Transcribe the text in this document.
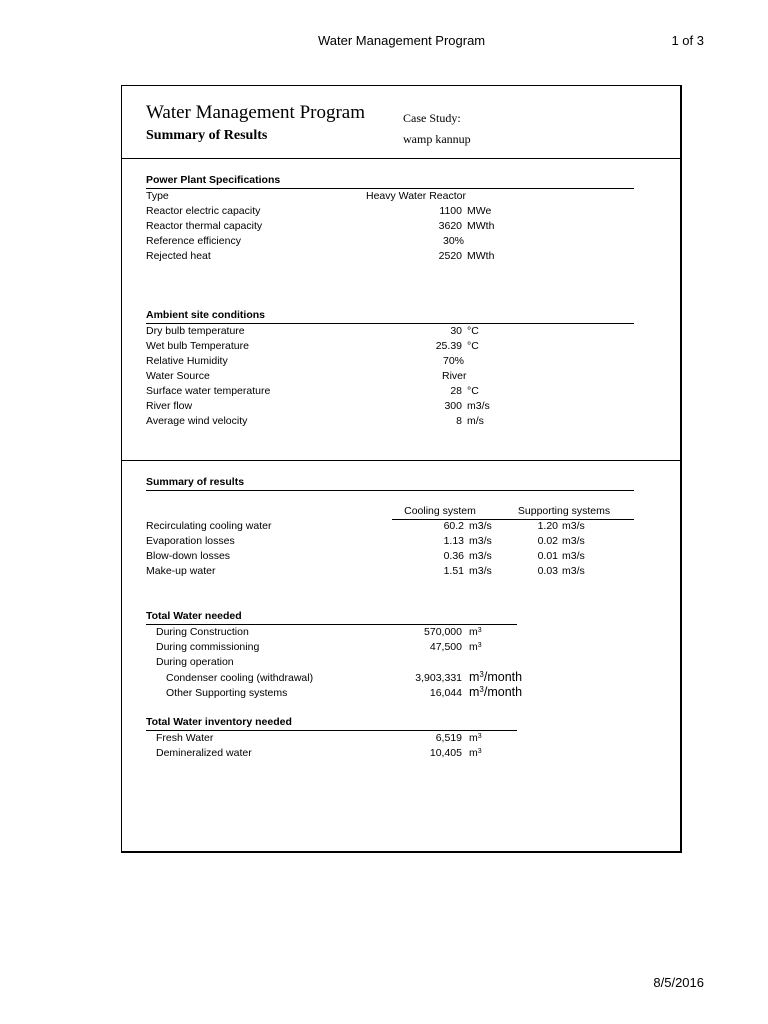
Water Management Program	1 of 3
Water Management Program
Summary of Results
Case Study:
wamp kannup
Power Plant Specifications
Type	Heavy Water Reactor
Reactor electric capacity	1100 MWe
Reactor thermal capacity	3620 MWth
Reference efficiency	30%
Rejected heat	2520 MWth
Ambient site conditions
Dry bulb temperature	30 °C
Wet bulb Temperature	25.39 °C
Relative Humidity	70%
Water Source	River
Surface water temperature	28 °C
River flow	300 m3/s
Average wind velocity	8 m/s
Summary of results
Cooling system	Supporting systems
Recirculating cooling water	60.2 m3/s	1.20 m3/s
Evaporation losses	1.13 m3/s	0.02 m3/s
Blow-down losses	0.36 m3/s	0.01 m3/s
Make-up water	1.51 m3/s	0.03 m3/s
Total Water needed
During Construction	570,000 $m^3$
During commissioning	47,500 $m^3$
During operation
Condenser cooling (withdrawal)	3,903,331 $m^3$/month
Other Supporting systems	16,044 $m^3$/month
Total Water inventory needed
Fresh Water	6,519 $m^3$
Demineralized water	10,405 $m^3$
8/5/2016
